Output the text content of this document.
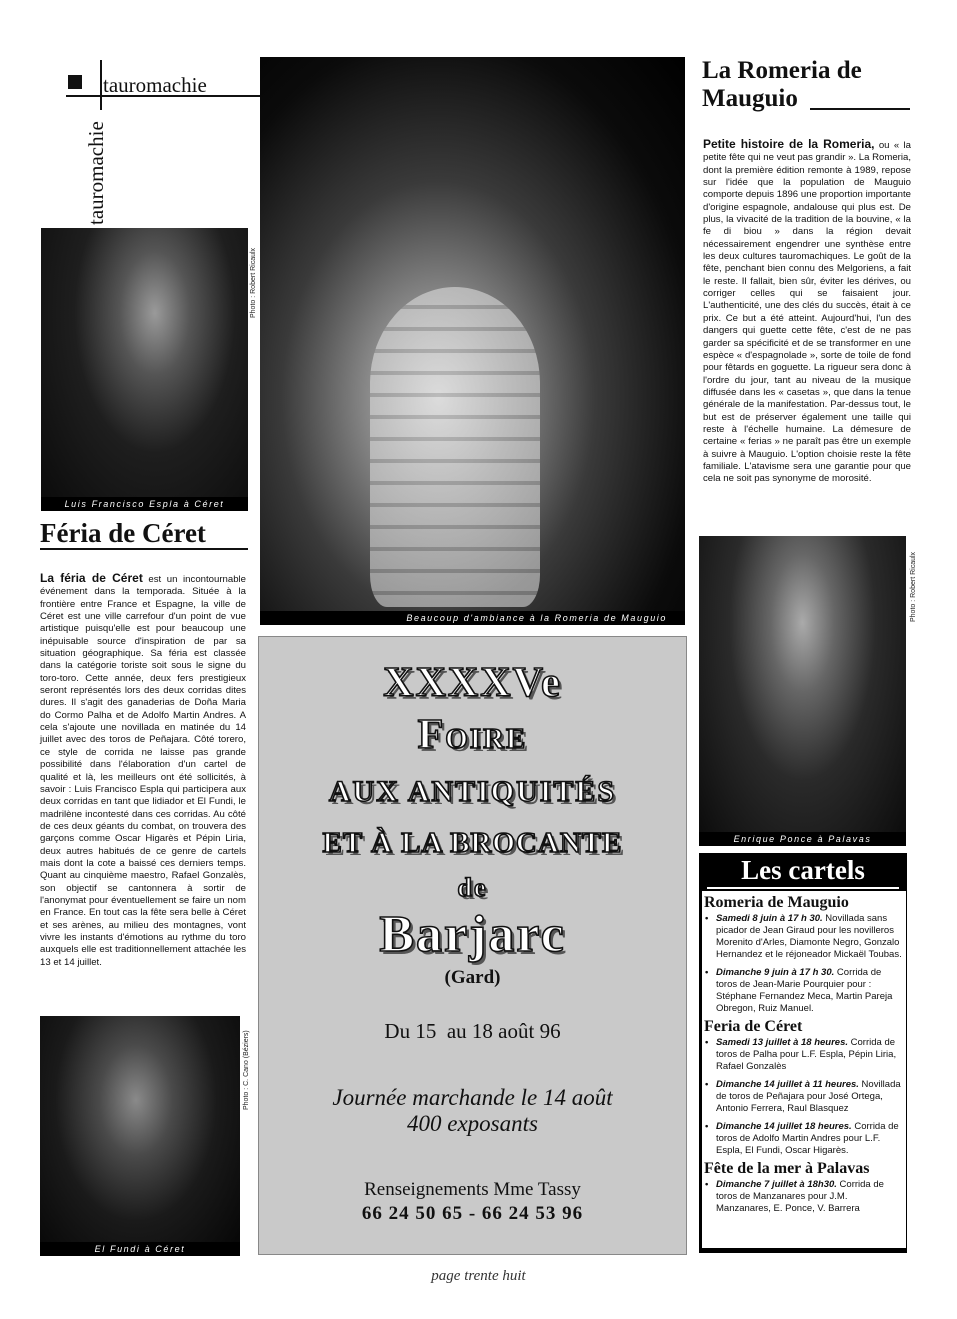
tauromachie
tauromachie
Luis Francisco Espla à Céret
Photo : Robert Ricaulx
Féria de Céret
La féria de Céret est un incontournable événement dans la temporada. Située à la frontière entre France et Espagne, la ville de Céret est une ville carrefour d'un point de vue artistique puisqu'elle est pour beaucoup une inépuisable source d'inspiration de par sa situation géographique. Sa féria est classée dans la catégorie toriste soit sous le signe du toro-toro. Cette année, deux fers prestigieux seront représentés lors des deux corridas dites dures. Il s'agit des ganaderias de Doña Maria do Cormo Palha et de Adolfo Martin Andres. A cela s'ajoute une novillada en matinée du 14 juillet avec des toros de Peñajara. Côté torero, ce style de corrida ne laisse pas grande possibilité dans l'élaboration d'un cartel de qualité et là, les meilleurs ont été sollicités, à savoir : Luis Francisco Espla qui participera aux deux corridas en tant que lidiador et El Fundi, le madrilène incontesté dans ces corridas. Au côté de ces deux géants du combat, on trouvera des garçons comme Oscar Higarès et Pépin Liria, deux autres habitués de ce genre de cartels mais dont la cote a baissé ces derniers temps. Quant au cinquième maestro, Rafael Gonzalès, son objectif se cantonnera à sortir de l'anonymat pour éventuellement se faire un nom en France. En tout cas la fête sera belle à Céret et ses arènes, au milieu des montagnes, vont vivre les instants d'émotions au rythme du toro auxquels elle est traditionnellement attachée les 13 et 14 juillet.
El Fundi à Céret
Photo : C. Cano (Béziers)
Beaucoup d'ambiance à la Romeria de Mauguio
La Romeria de
Mauguio
Petite histoire de la Romeria, ou « la petite fête qui ne veut pas grandir ». La Romeria, dont la première édition remonte à 1989, repose sur l'idée que la population de Mauguio comporte depuis 1896 une proportion importante d'origine espagnole, andalouse qui plus est. De plus, la vivacité de la tradition de la bouvine, « la fe di biou » dans la région devait nécessairement engendrer une synthèse entre les deux cultures tauromachiques. Le goût de la fête, penchant bien connu des Melgoriens, a fait le reste. Il fallait, bien sûr, éviter les dérives, ou corriger celles qui se faisaient jour. L'authenticité, une des clés du succès, était à ce prix. Ce but a été atteint. Aujourd'hui, l'un des dangers qui guette cette fête, c'est de ne pas garder sa spécificité et de se transformer en une espèce « d'espagnolade », sorte de toile de fond pour fêtards en goguette. La rigueur sera donc à l'ordre du jour, tant au niveau de la musique diffusée dans les « casetas », que dans la tenue générale de la manifestation. Par-dessus tout, le but est de préserver également une taille qui reste à l'échelle humaine. La démesure de certaine « ferias » ne paraît pas être un exemple à suivre à Mauguio. L'option choisie reste la fête familiale. L'atavisme sera une garantie pour que cela ne soit pas synonyme de morosité.
Enrique Ponce à Palavas
Photo : Robert Ricaulx
XXXXVe
Foire
AUX ANTIQUITÉS
ET À LA BROCANTE
de
Barjarc
(Gard)
Du 15  au 18 août 96
Journée marchande le 14 août
400 exposants
Renseignements Mme Tassy
66 24 50 65 - 66 24 53 96
Les cartels
Romeria de Mauguio
• Samedi 8 juin à 17 h 30. Novillada sans picador de Jean Giraud pour les novilleros Morenito d'Arles, Diamonte Negro, Gonzalo Hernandez et le réjoneador Mickaël Toubas.
• Dimanche 9 juin à 17 h 30. Corrida de toros de Jean-Marie Pourquier pour : Stéphane Fernandez Meca, Martin Pareja Obregon, Ruiz Manuel.
Feria de Céret
• Samedi 13 juillet à 18 heures. Corrida de toros de Palha pour L.F. Espla, Pépin Liria, Rafael Gonzalès
• Dimanche 14 juillet à 11 heures. Novillada de toros de Peñajara pour José Ortega, Antonio Ferrera, Raul Blasquez
• Dimanche 14 juillet 18 heures. Corrida de toros de Adolfo Martin Andres pour L.F. Espla, El Fundi, Oscar Higarès.
Fête de la mer à Palavas
• Dimanche 7 juillet à 18h30. Corrida de toros de Manzanares pour J.M. Manzanares, E. Ponce, V. Barrera
page trente huit
